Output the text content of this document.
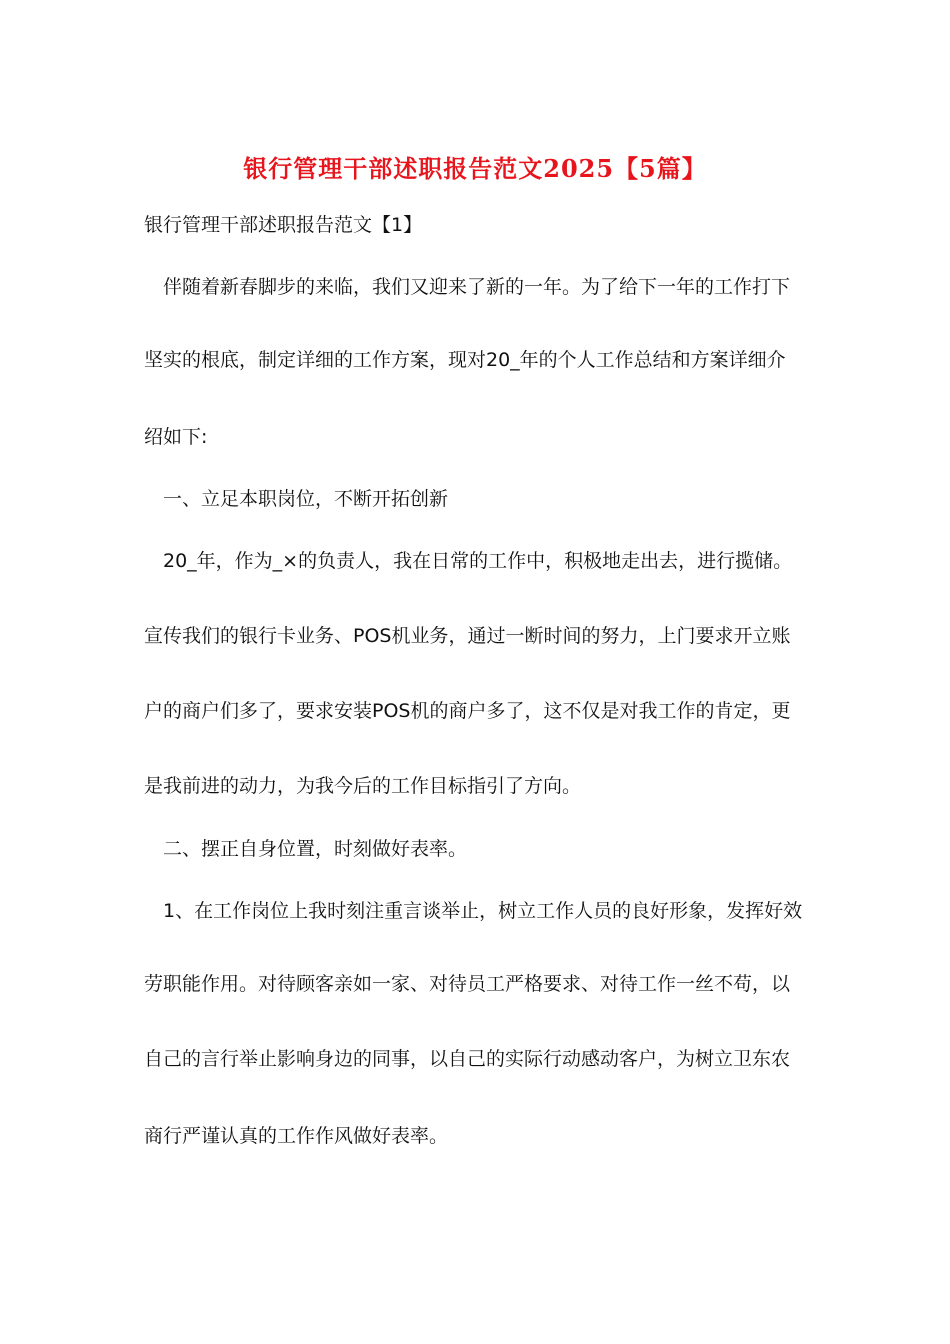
银行管理干部述职报告范文2025【5篇】
银行管理干部述职报告范文【1】
伴随着新春脚步的来临，我们又迎来了新的一年。为了给下一年的工作打下
坚实的根底，制定详细的工作方案，现对20_年的个人工作总结和方案详细介
绍如下:
一、立足本职岗位，不断开拓创新
20_年，作为_×的负责人，我在日常的工作中，积极地走出去，进行揽储。
宣传我们的银行卡业务、POS机业务，通过一断时间的努力，上门要求开立账
户的商户们多了，要求安装POS机的商户多了，这不仅是对我工作的肯定，更
是我前进的动力，为我今后的工作目标指引了方向。
二、摆正自身位置，时刻做好表率。
1、在工作岗位上我时刻注重言谈举止，树立工作人员的良好形象，发挥好效
劳职能作用。对待顾客亲如一家、对待员工严格要求、对待工作一丝不苟，以
自己的言行举止影响身边的同事，以自己的实际行动感动客户，为树立卫东农
商行严谨认真的工作作风做好表率。
